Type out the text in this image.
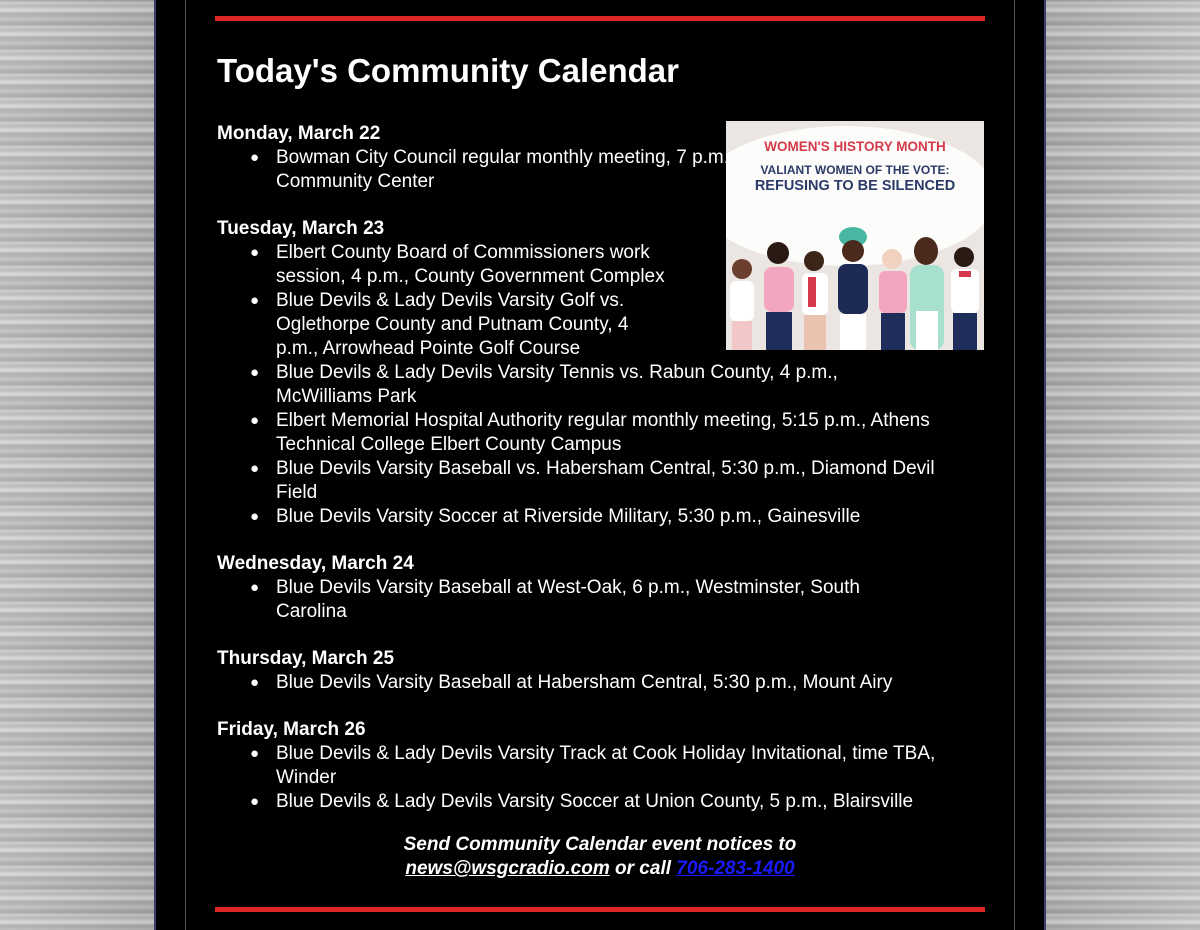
Today's Community Calendar
WOMEN'S HISTORY MONTH
VALIANT WOMEN OF THE VOTE:
REFUSING TO BE SILENCED

Monday, March 22

● Bowman City Council regular monthly meeting, 7 p.m., Community Center

Tuesday, March 23

● Elbert County Board of Commissioners work session, 4 p.m., County Government Complex
● Blue Devils & Lady Devils Varsity Golf vs. Oglethorpe County and Putnam County, 4 p.m., Arrowhead Pointe Golf Course
● Blue Devils & Lady Devils Varsity Tennis vs. Rabun County, 4 p.m., McWilliams Park
● Elbert Memorial Hospital Authority regular monthly meeting, 5:15 p.m., Athens Technical College Elbert County Campus
● Blue Devils Varsity Baseball vs. Habersham Central, 5:30 p.m., Diamond Devil Field
● Blue Devils Varsity Soccer at Riverside Military, 5:30 p.m., Gainesville

Wednesday, March 24

● Blue Devils Varsity Baseball at West-Oak, 6 p.m., Westminster, South Carolina

Thursday, March 25

● Blue Devils Varsity Baseball at Habersham Central, 5:30 p.m., Mount Airy

Friday, March 26

● Blue Devils & Lady Devils Varsity Track at Cook Holiday Invitational, time TBA, Winder
● Blue Devils & Lady Devils Varsity Soccer at Union County, 5 p.m., Blairsville
Send Community Calendar event notices to
news@wsgcradio.com or call 706-283-1400
